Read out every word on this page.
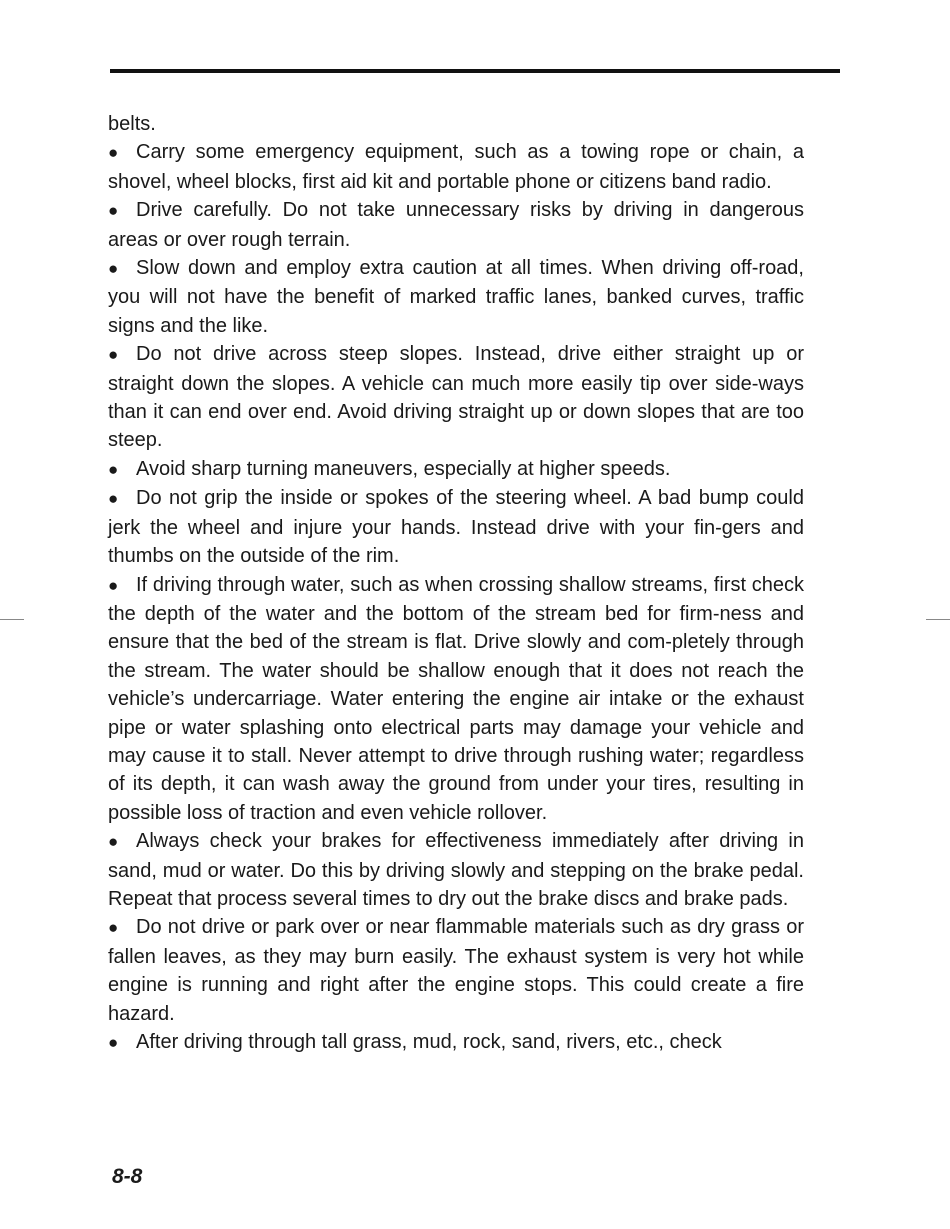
belts.

● Carry some emergency equipment, such as a towing rope or chain, a shovel, wheel blocks, first aid kit and portable phone or citizens band radio.

● Drive carefully. Do not take unnecessary risks by driving in dangerous areas or over rough terrain.

● Slow down and employ extra caution at all times. When driving off-road, you will not have the benefit of marked traffic lanes, banked curves, traffic signs and the like.

● Do not drive across steep slopes. Instead, drive either straight up or straight down the slopes. A vehicle can much more easily tip over side-ways than it can end over end. Avoid driving straight up or down slopes that are too steep.

● Avoid sharp turning maneuvers, especially at higher speeds.

● Do not grip the inside or spokes of the steering wheel. A bad bump could jerk the wheel and injure your hands. Instead drive with your fin-gers and thumbs on the outside of the rim.

● If driving through water, such as when crossing shallow streams, first check the depth of the water and the bottom of the stream bed for firm-ness and ensure that the bed of the stream is flat. Drive slowly and com-pletely through the stream. The water should be shallow enough that it does not reach the vehicle’s undercarriage. Water entering the engine air intake or the exhaust pipe or water splashing onto electrical parts may damage your vehicle and may cause it to stall. Never attempt to drive through rushing water; regardless of its depth, it can wash away the ground from under your tires, resulting in possible loss of traction and even vehicle rollover.

● Always check your brakes for effectiveness immediately after driving in sand, mud or water. Do this by driving slowly and stepping on the brake pedal. Repeat that process several times to dry out the brake discs and brake pads.

● Do not drive or park over or near flammable materials such as dry grass or fallen leaves, as they may burn easily. The exhaust system is very hot while engine is running and right after the engine stops. This could create a fire hazard.

● After driving through tall grass, mud, rock, sand, rivers, etc., check

8-8
